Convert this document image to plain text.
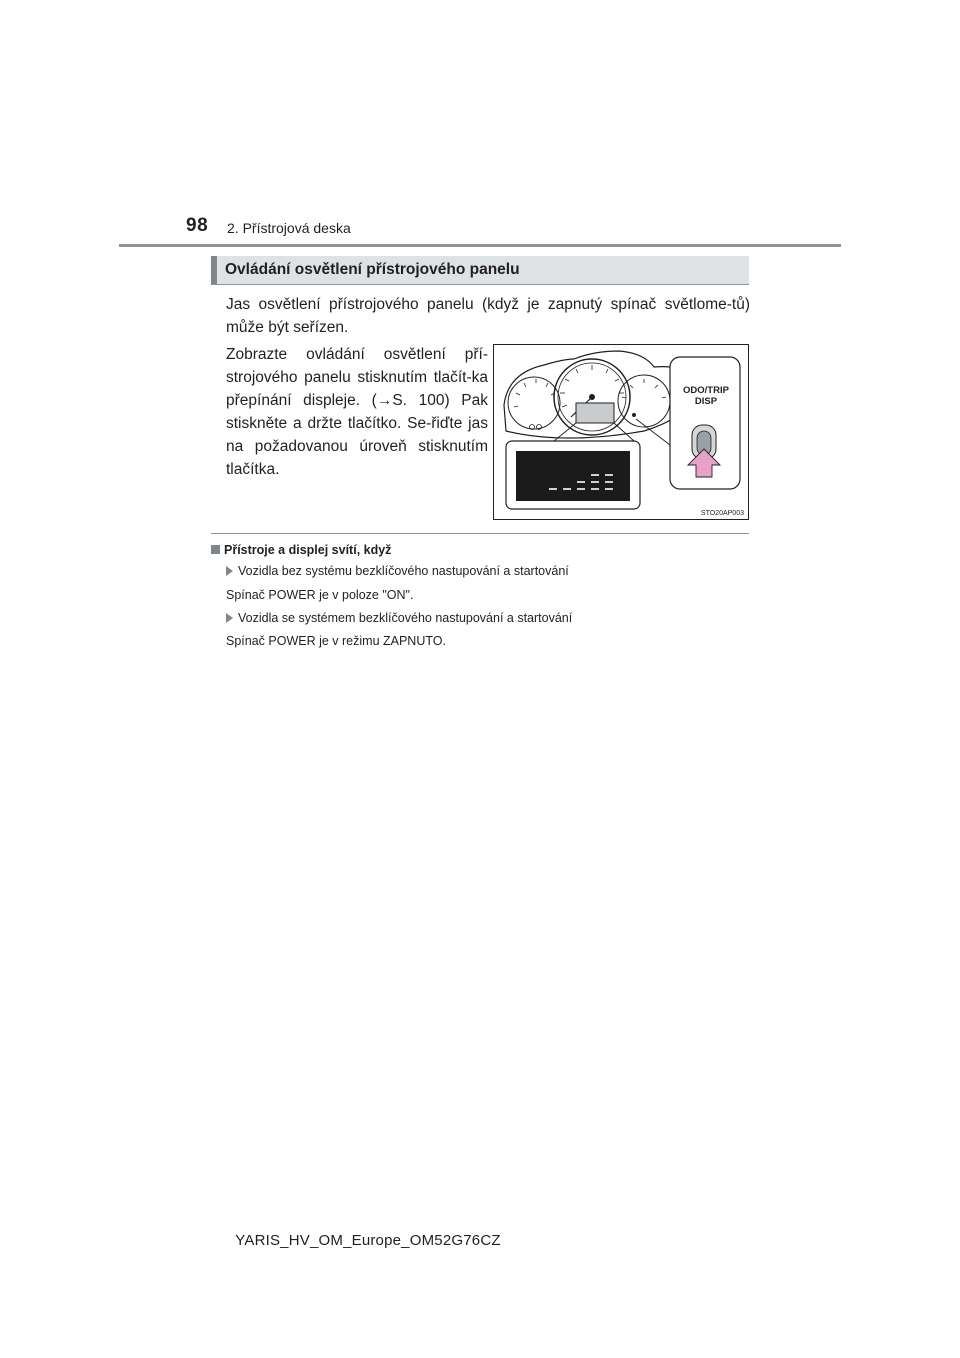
98 2. Přístrojová deska
Ovládání osvětlení přístrojového panelu
Jas osvětlení přístrojového panelu (když je zapnutý spínač světlome-tů) může být seřízen.
Zobrazte ovládání osvětlení pří-strojového panelu stisknutím tlačít-ka přepínání displeje. (→S. 100) Pak stiskněte a držte tlačítko. Se-řiďte jas na požadovanou úroveň stisknutím tlačítka.
ODO/TRIP
DISP
STO20AP003
Přístroje a displej svítí, když
Vozidla bez systému bezklíčového nastupování a startování
Spínač POWER je v poloze "ON".
Vozidla se systémem bezklíčového nastupování a startování
Spínač POWER je v režimu ZAPNUTO.
YARIS_HV_OM_Europe_OM52G76CZ
